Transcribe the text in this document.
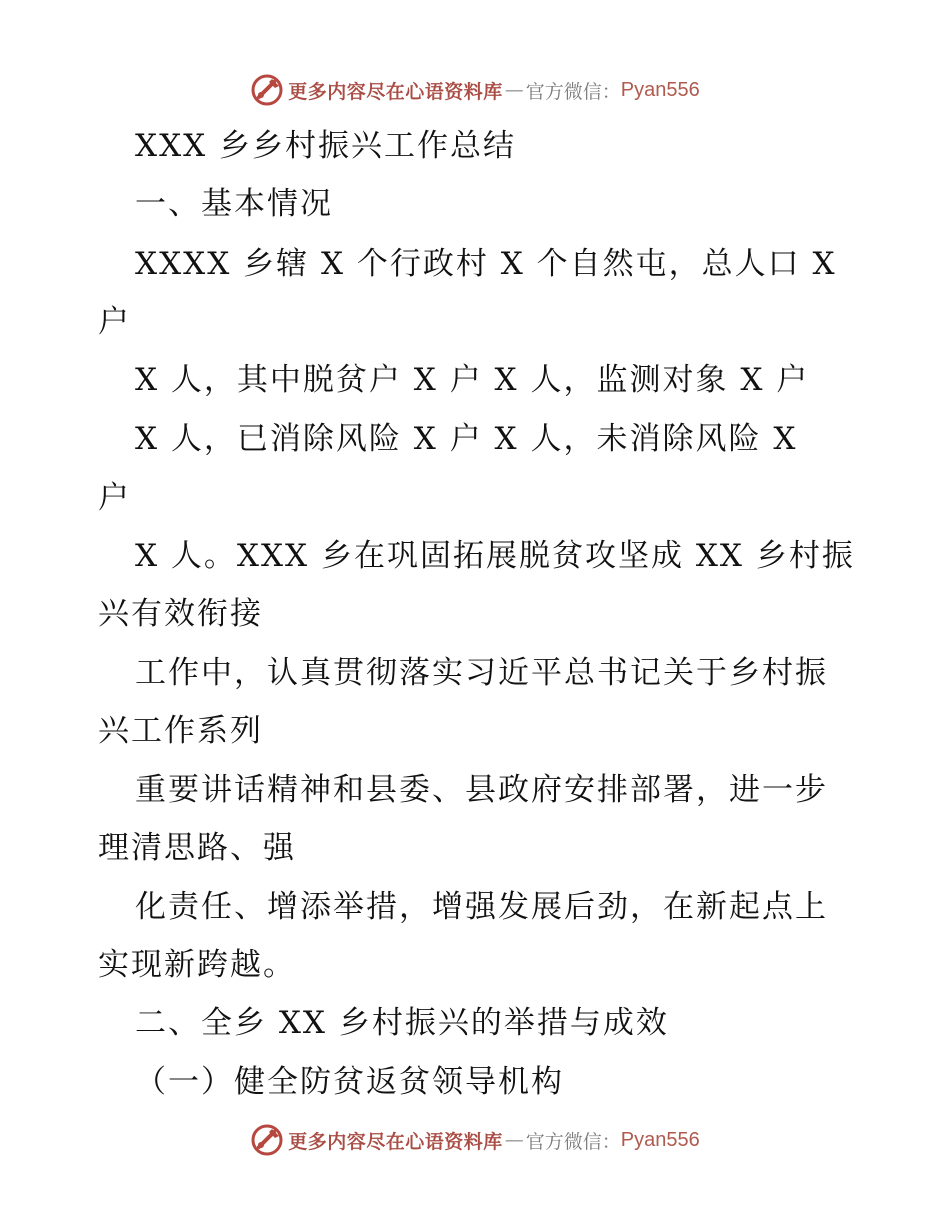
更多内容尽在心语资料库 — 官方微信： Pyan556
XXX 乡乡村振兴工作总结
一、基本情况
XXXX 乡辖 X 个行政村 X 个自然屯，总人口 X
户
X 人，其中脱贫户 X 户 X 人，监测对象 X 户
X 人，已消除风险 X 户 X 人，未消除风险 X
户
X 人。XXX 乡在巩固拓展脱贫攻坚成 XX 乡村振
兴有效衔接
工作中，认真贯彻落实习近平总书记关于乡村振
兴工作系列
重要讲话精神和县委、县政府安排部署，进一步
理清思路、强
化责任、增添举措，增强发展后劲，在新起点上
实现新跨越。
二、全乡 XX 乡村振兴的举措与成效
（一）健全防贫返贫领导机构
更多内容尽在心语资料库 — 官方微信： Pyan556
